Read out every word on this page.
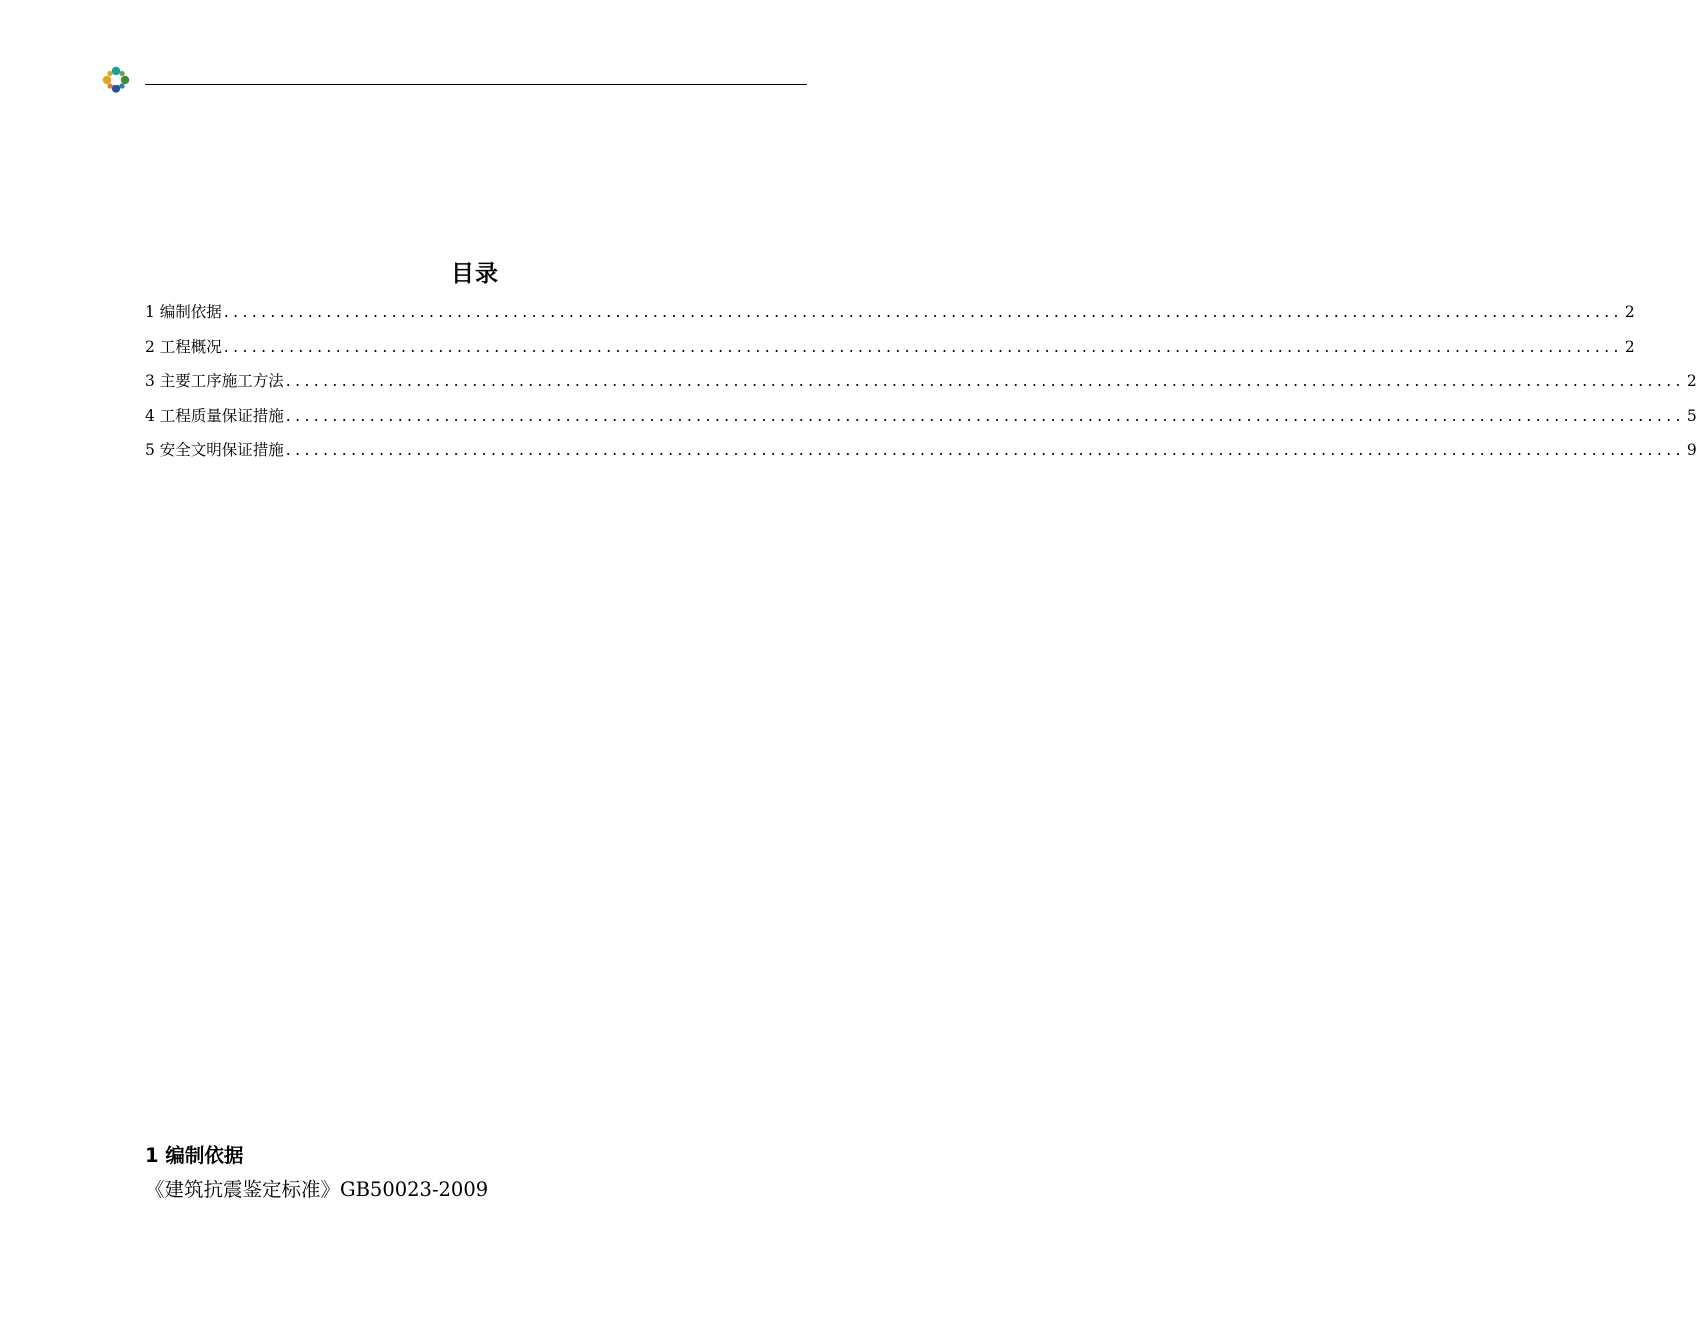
目录
1 编制依据 ...................................................................................................................................................... 2
2 工程概况 ...................................................................................................................................................... 2
3 主要工序施工方法 ...................................................................................................................................................... 2
4 工程质量保证措施 ...................................................................................................................................................... 5
5 安全文明保证措施 ...................................................................................................................................................... 9
1 编制依据
《建筑抗震鉴定标准》GB50023-2009
